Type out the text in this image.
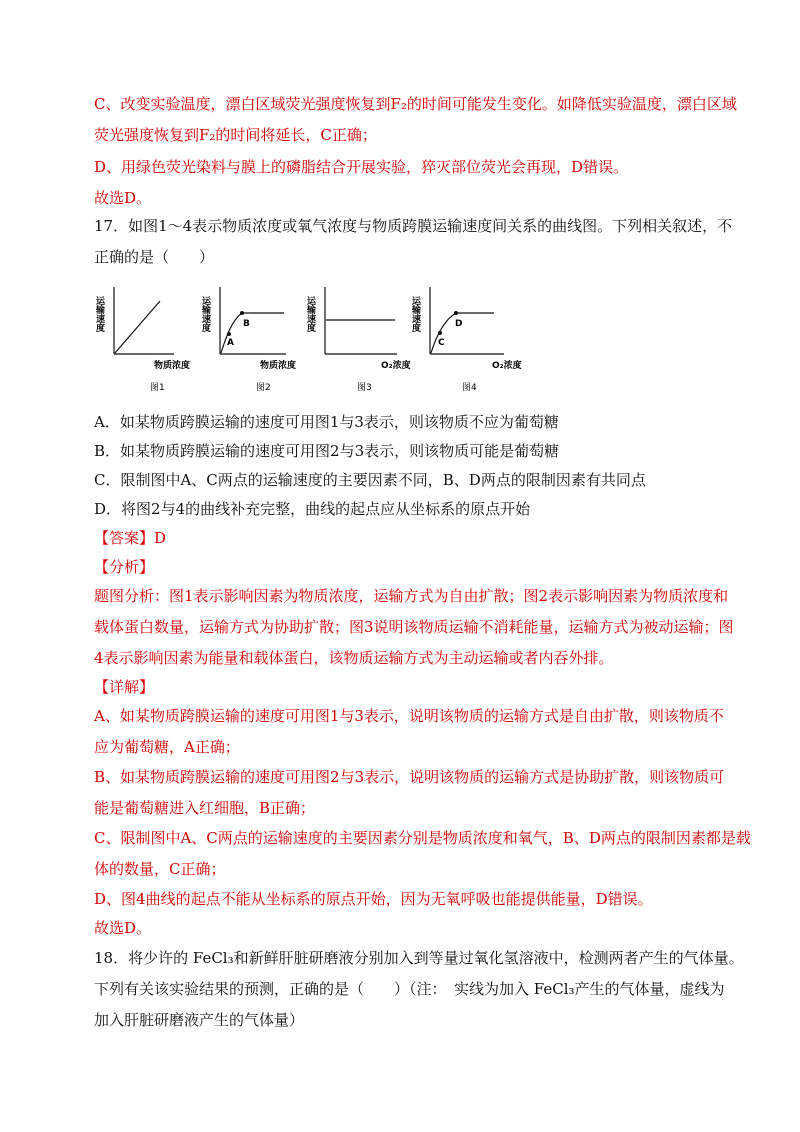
C、改变实验温度，漂白区域荧光强度恢复到F₂的时间可能发生变化。如降低实验温度，漂白区域
荧光强度恢复到F₂的时间将延长，C正确；
D、用绿色荧光染料与膜上的磷脂结合开展实验，猝灭部位荧光会再现，D错误。
故选D。
17．如图1～4表示物质浓度或氧气浓度与物质跨膜运输速度间关系的曲线图。下列相关叙述，不
正确的是（　　）
运输速度
物质浓度
图1
A
B
运输速度
物质浓度
图2
运输速度
O₂浓度
图3
C
D
运输速度
O₂浓度
图4
A．如某物质跨膜运输的速度可用图1与3表示，则该物质不应为葡萄糖
B．如某物质跨膜运输的速度可用图2与3表示，则该物质可能是葡萄糖
C．限制图中A、C两点的运输速度的主要因素不同，B、D两点的限制因素有共同点
D．将图2与4的曲线补充完整，曲线的起点应从坐标系的原点开始
【答案】D
【分析】
题图分析：图1表示影响因素为物质浓度，运输方式为自由扩散；图2表示影响因素为物质浓度和
载体蛋白数量，运输方式为协助扩散；图3说明该物质运输不消耗能量，运输方式为被动运输；图
4表示影响因素为能量和载体蛋白，该物质运输方式为主动运输或者内吞外排。
【详解】
A、如某物质跨膜运输的速度可用图1与3表示，说明该物质的运输方式是自由扩散，则该物质不
应为葡萄糖，A正确；
B、如某物质跨膜运输的速度可用图2与3表示，说明该物质的运输方式是协助扩散，则该物质可
能是葡萄糖进入红细胞，B正确；
C、限制图中A、C两点的运输速度的主要因素分别是物质浓度和氧气，B、D两点的限制因素都是载
体的数量，C正确；
D、图4曲线的起点不能从坐标系的原点开始，因为无氧呼吸也能提供能量，D错误。
故选D。
18．将少许的 FeCl₃和新鲜肝脏研磨液分别加入到等量过氧化氢溶液中，检测两者产生的气体量。
下列有关该实验结果的预测，正确的是（　　）（注：　实线为加入 FeCl₃产生的气体量，虚线为
加入肝脏研磨液产生的气体量）
